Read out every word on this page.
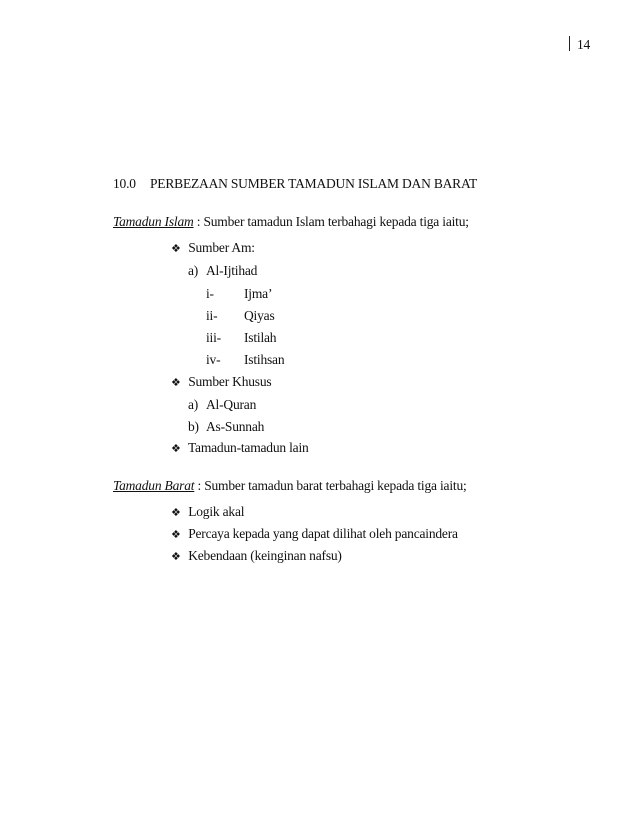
14
10.0 PERBEZAAN SUMBER TAMADUN ISLAM DAN BARAT
Tamadun Islam : Sumber tamadun Islam terbahagi kepada tiga iaitu;
❖ Sumber Am:
a) Al-Ijtihad
i- Ijma’
ii- Qiyas
iii- Istilah
iv- Istihsan
❖ Sumber Khusus
a) Al-Quran
b) As-Sunnah
❖ Tamadun-tamadun lain
Tamadun Barat : Sumber tamadun barat terbahagi kepada tiga iaitu;
❖ Logik akal
❖ Percaya kepada yang dapat dilihat oleh pancaindera
❖ Kebendaan (keinginan nafsu)
